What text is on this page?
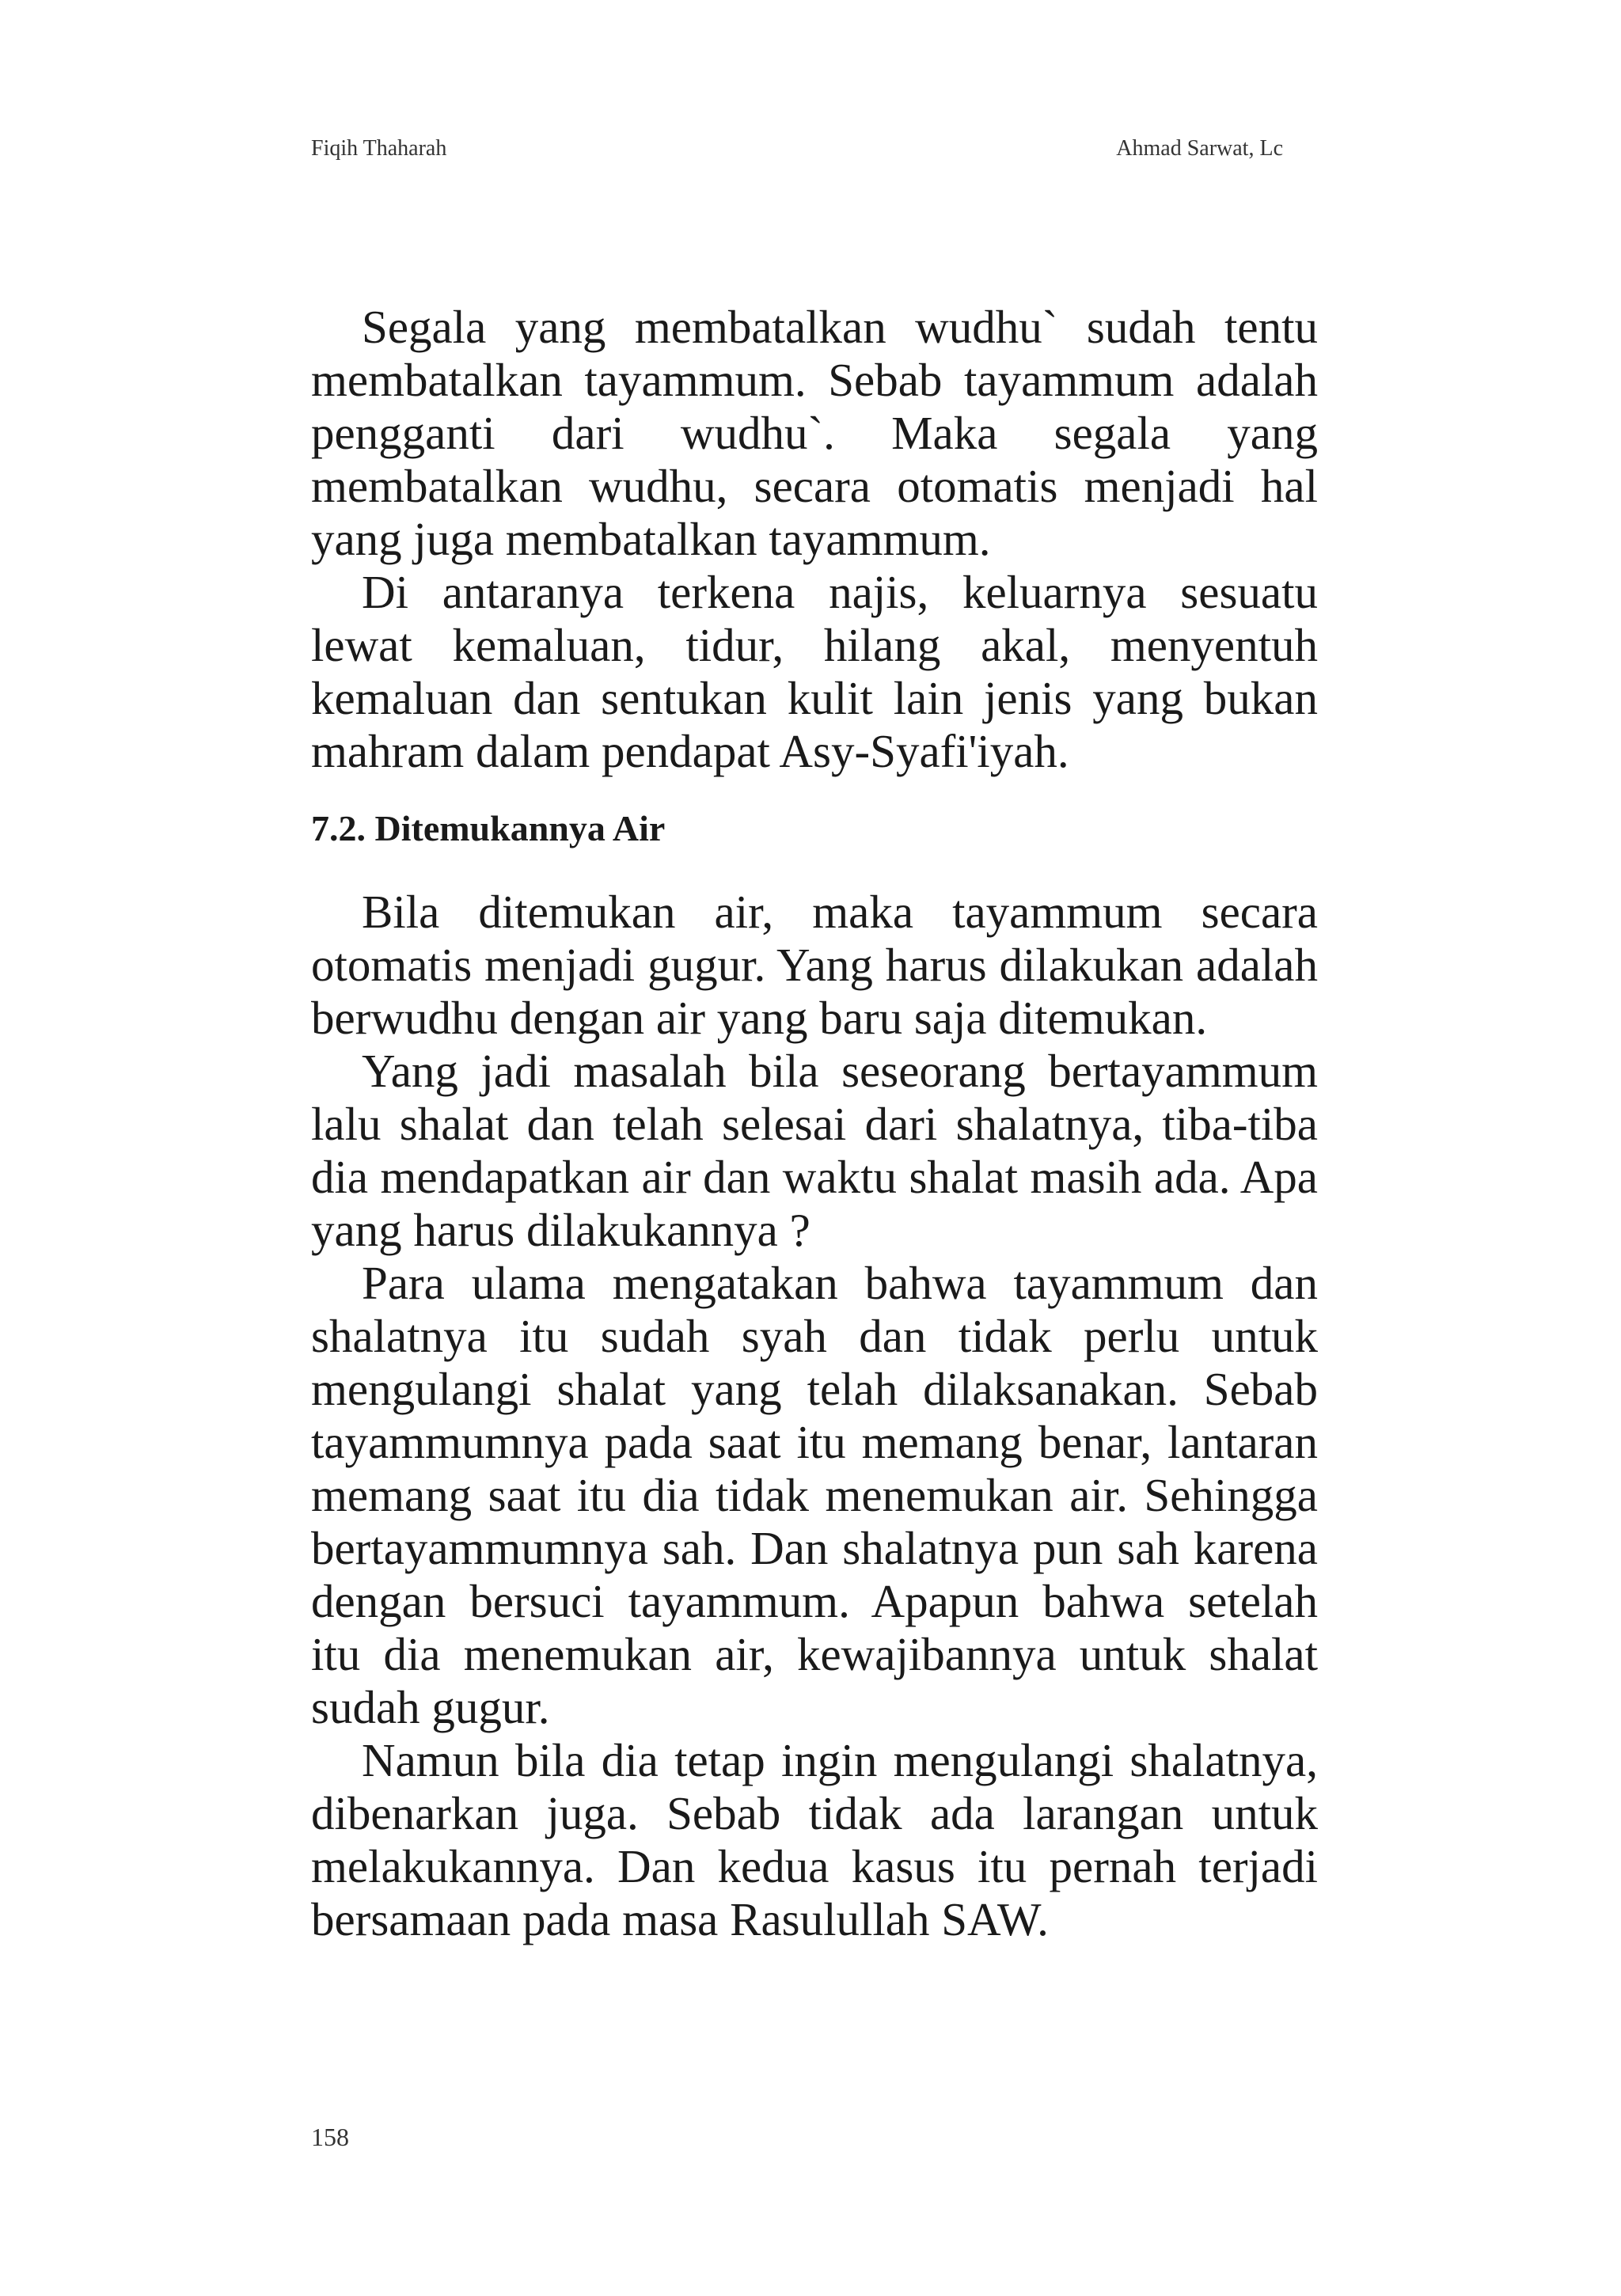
Fiqih Thaharah	Ahmad Sarwat, Lc

Segala yang membatalkan wudhu` sudah tentu membatalkan tayammum. Sebab tayammum adalah pengganti dari wudhu`. Maka segala yang membatalkan wudhu, secara otomatis menjadi hal yang juga membatalkan tayammum.

Di antaranya terkena najis, keluarnya sesuatu lewat kemaluan, tidur, hilang akal, menyentuh kemaluan dan sentukan kulit lain jenis yang bukan mahram dalam pendapat Asy-Syafi'iyah.

7.2. Ditemukannya Air

Bila ditemukan air, maka tayammum secara otomatis menjadi gugur. Yang harus dilakukan adalah berwudhu dengan air yang baru saja ditemukan.

Yang jadi masalah bila seseorang bertayammum lalu shalat dan telah selesai dari shalatnya, tiba-tiba dia mendapatkan air dan waktu shalat masih ada. Apa yang harus dilakukannya ?

Para ulama mengatakan bahwa tayammum dan shalatnya itu sudah syah dan tidak perlu untuk mengulangi shalat yang telah dilaksanakan. Sebab tayammumnya pada saat itu memang benar, lantaran memang saat itu dia tidak menemukan air. Sehingga bertayammumnya sah. Dan shalatnya pun sah karena dengan bersuci tayammum. Apapun bahwa setelah itu dia menemukan air, kewajibannya untuk shalat sudah gugur.

Namun bila dia tetap ingin mengulangi shalatnya, dibenarkan juga. Sebab tidak ada larangan untuk melakukannya. Dan kedua kasus itu pernah terjadi bersamaan pada masa Rasulullah SAW.

158
